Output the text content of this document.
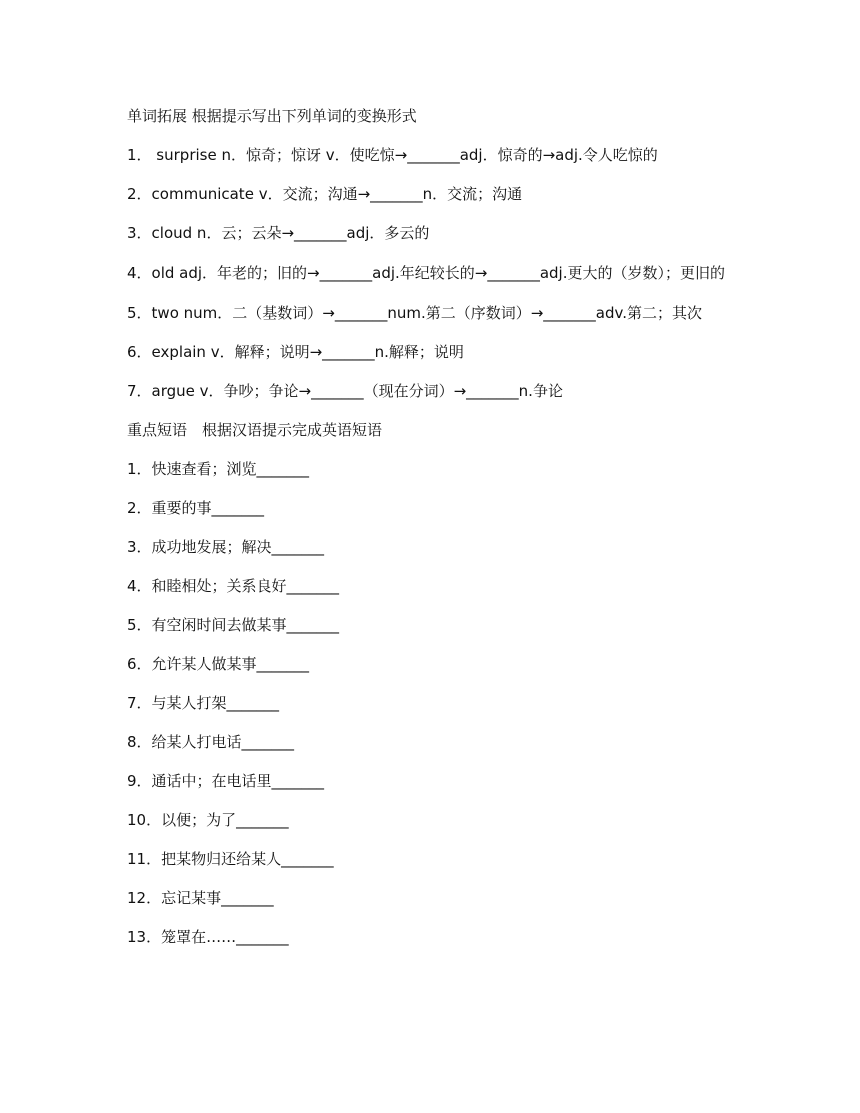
单词拓展 根据提示写出下列单词的变换形式
1． surprise n．惊奇；惊讶 v．使吃惊→_______adj．惊奇的→adj.令人吃惊的
2．communicate v．交流；沟通→_______n．交流；沟通
3．cloud n．云；云朵→_______adj．多云的
4．old adj．年老的；旧的→_______adj.年纪较长的→_______adj.更大的（岁数）；更旧的
5．two num．二（基数词）→_______num.第二（序数词）→_______adv.第二；其次
6．explain v．解释；说明→_______n.解释；说明
7．argue v．争吵；争论→_______（现在分词）→_______n.争论
重点短语　根据汉语提示完成英语短语
1．快速查看；浏览_______
2．重要的事_______
3．成功地发展；解决_______
4．和睦相处；关系良好_______
5．有空闲时间去做某事_______
6．允许某人做某事_______
7．与某人打架_______
8．给某人打电话_______
9．通话中；在电话里_______
10．以便；为了_______
11．把某物归还给某人_______
12．忘记某事_______
13．笼罩在……_______
